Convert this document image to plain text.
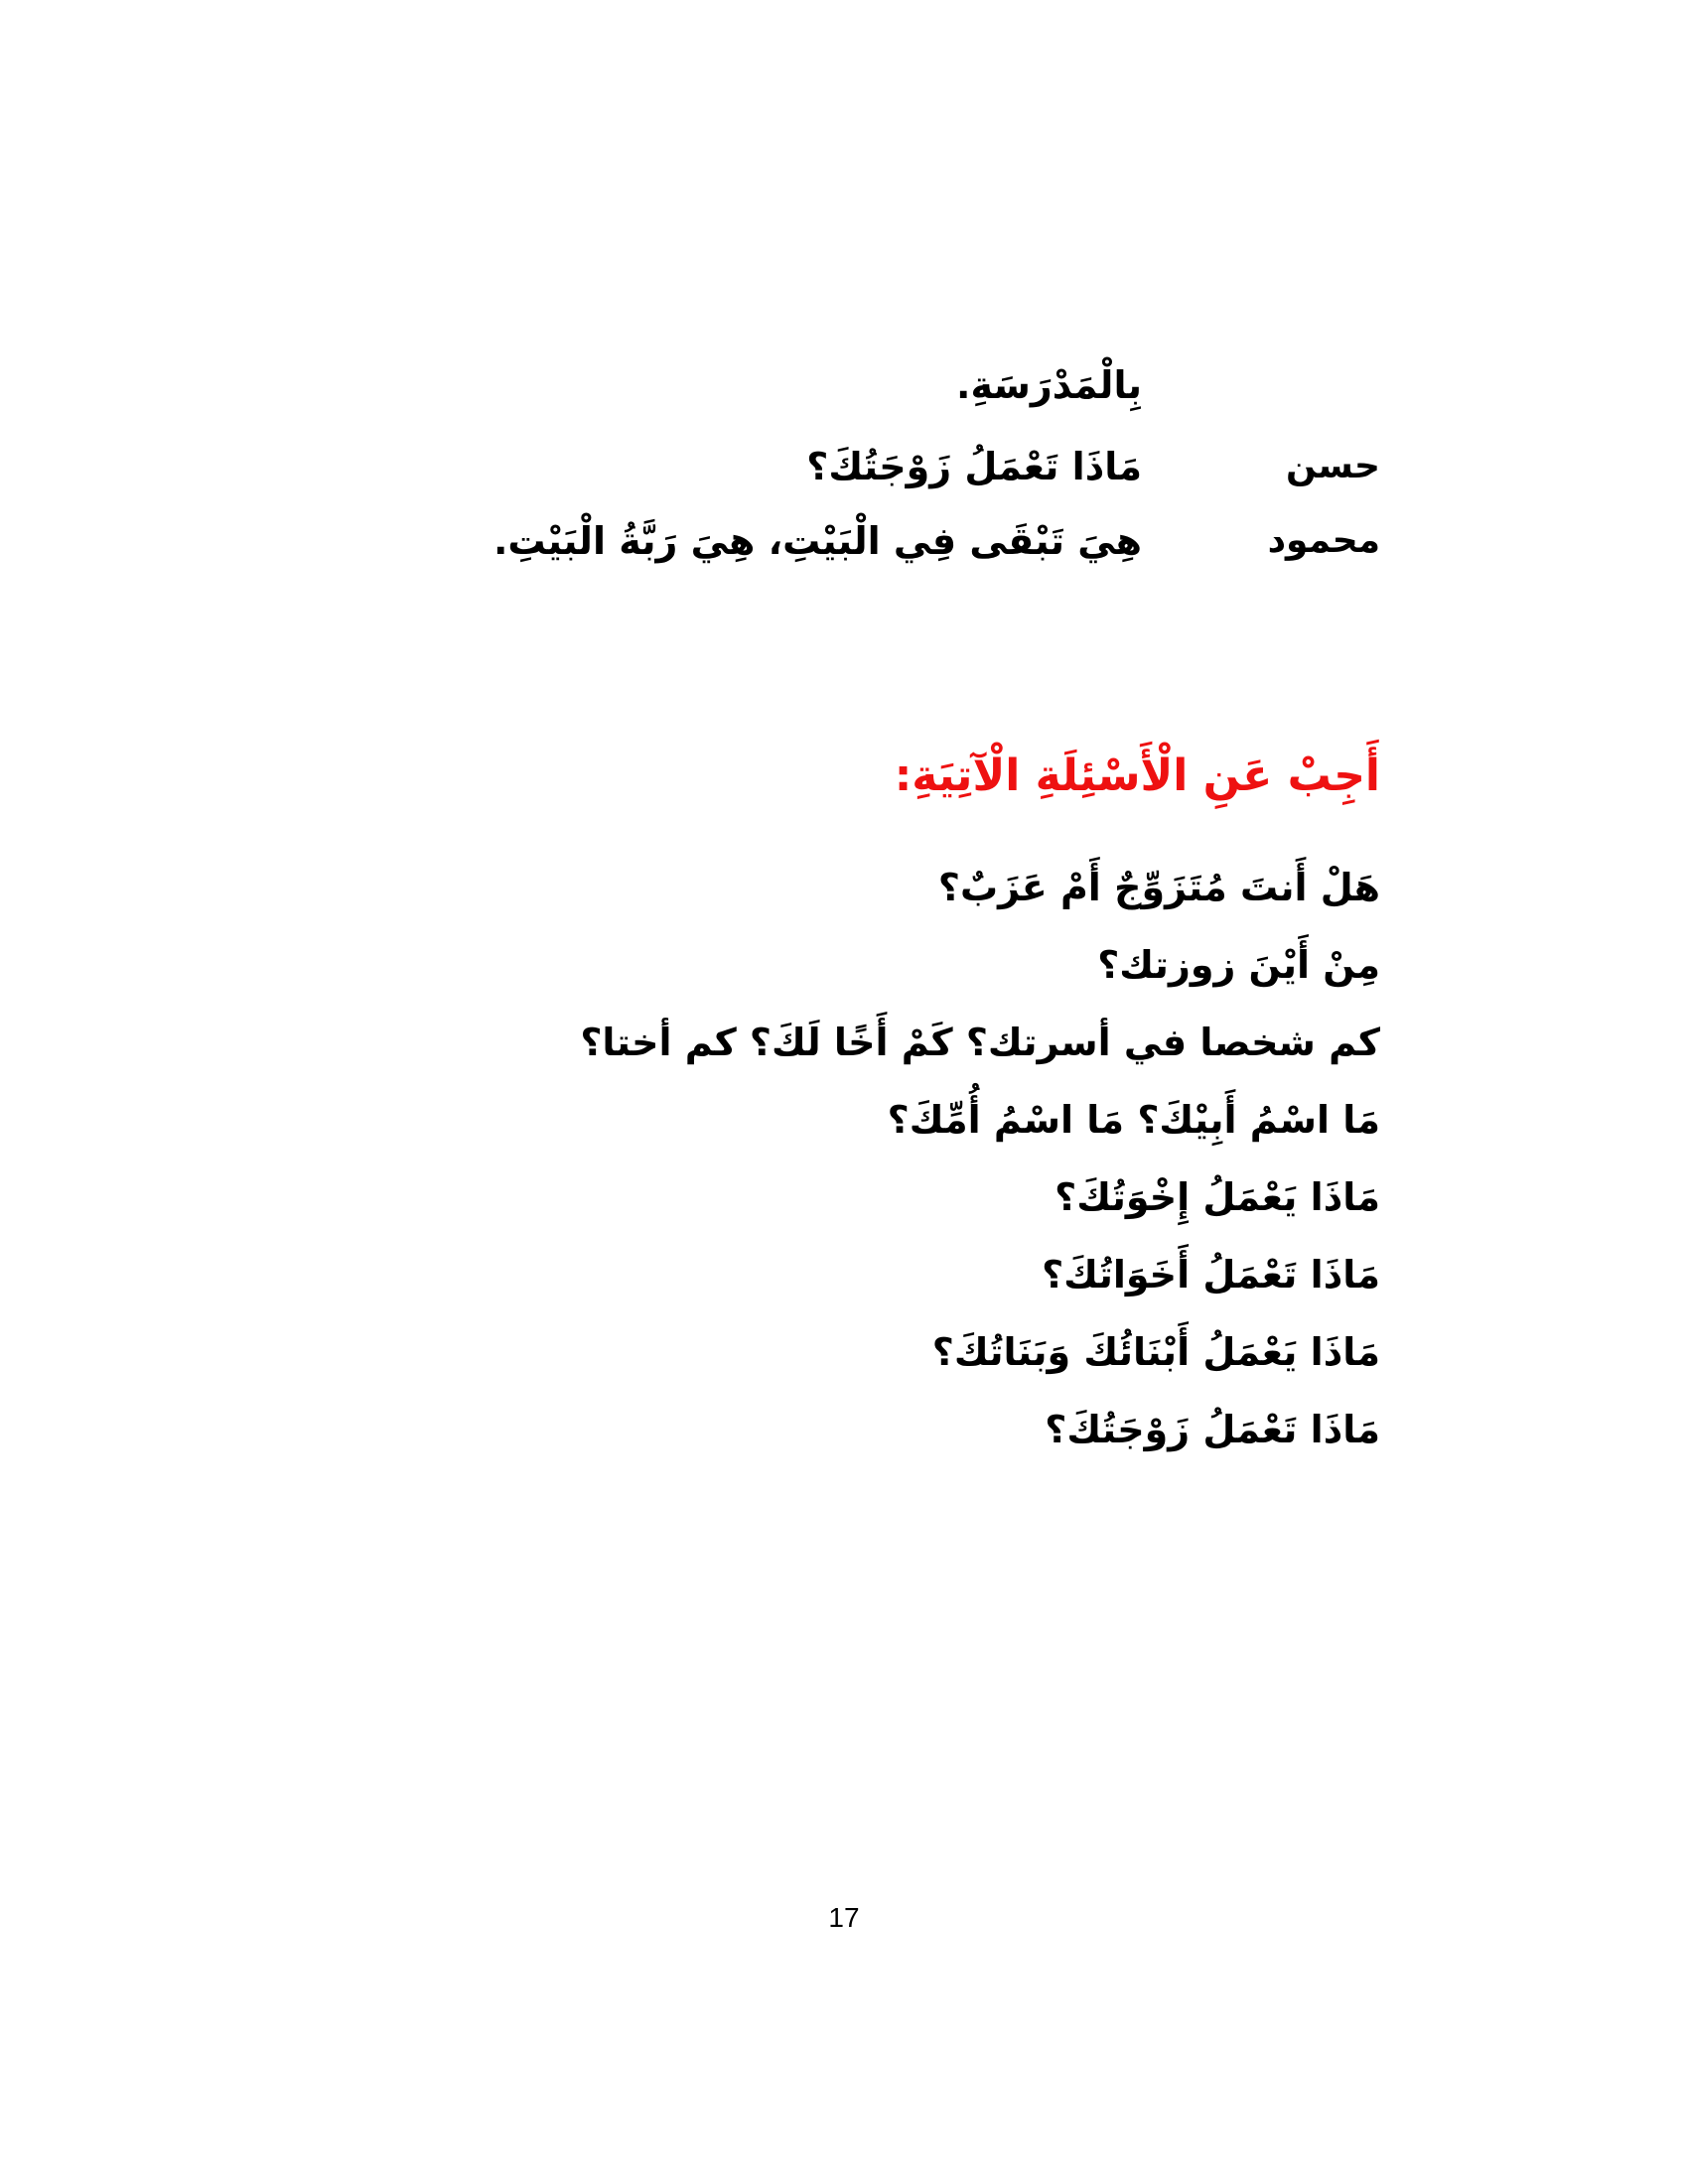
بِالْمَدْرَسَةِ.
حسن
مَاذَا تَعْمَلُ زَوْجَتُكَ؟
محمود
هِيَ تَبْقَى فِي الْبَيْتِ، هِيَ رَبَّةُ الْبَيْتِ.
أَجِبْ عَنِ الْأَسْئِلَةِ الْآتِيَةِ:
هَلْ أَنتَ مُتَزَوِّجٌ أَمْ عَزَبٌ؟
مِنْ أَيْنَ زوزتك؟
كم شخصا في أسرتك؟ كَمْ أَخًا لَكَ؟ كم أختا؟
مَا اسْمُ أَبِيْكَ؟ مَا اسْمُ أُمِّكَ؟
مَاذَا يَعْمَلُ إِخْوَتُكَ؟
مَاذَا تَعْمَلُ أَخَوَاتُكَ؟
مَاذَا يَعْمَلُ أَبْنَائُكَ وَبَنَاتُكَ؟
مَاذَا تَعْمَلُ زَوْجَتُكَ؟
17
